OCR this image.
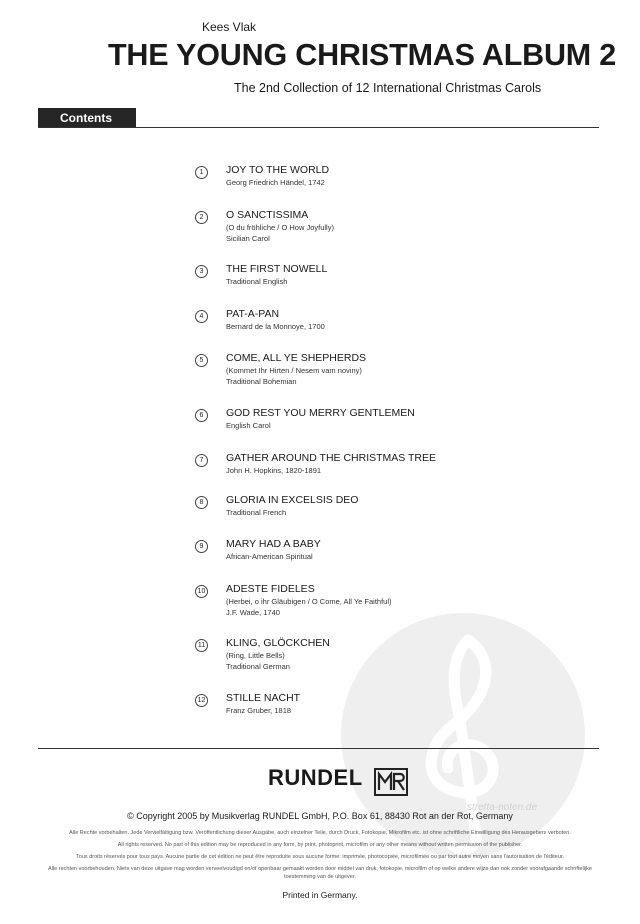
Kees Vlak
THE YOUNG CHRISTMAS ALBUM 2
The 2nd Collection of 12 International Christmas Carols
Contents
1	JOY TO THE WORLD
Georg Friedrich Händel, 1742
2	O SANCTISSIMA
(O du fröhliche / O How Joyfully)
Sicilian Carol
3	THE FIRST NOWELL
Traditional English
4	PAT-A-PAN
Bernard de la Monnoye, 1700
5	COME, ALL YE SHEPHERDS
(Kommet Ihr Hirten / Nesem vam noviny)
Traditional Bohemian
6	GOD REST YOU MERRY GENTLEMEN
English Carol
7	GATHER AROUND THE CHRISTMAS TREE
John H. Hopkins, 1820-1891
8	GLORIA IN EXCELSIS DEO
Traditional French
9	MARY HAD A BABY
African-American Spiritual
10 ADESTE FIDELES
(Herbei, o ihr Gläubigen / O Come, All Ye Faithful)
J.F. Wade, 1740
11 KLING, GLÖCKCHEN
(Ring, Little Bells)
Traditional German
12 STILLE NACHT
Franz Gruber, 1818
RUNDEL
© Copyright 2005 by Musikverlag RUNDEL GmbH, P.O. Box 61, 88430 Rot an der Rot, Germany
Alle Rechte vorbehalten. Jede Vervielfältigung bzw. Veröffentlichung dieser Ausgabe, auch einzelner Teile, durch Druck, Fotokopie, Mikrofilm etc. ist ohne schriftliche Einwilligung des Herausgebers verboten.
All rights reserved. No part of this edition may be reproduced in any form, by print, photoprint, microfilm or any other means without written permission of the publisher.
Tous droits réservés pour tous pays. Aucune partie de cet édition ne peut être reproduite sous aucune forme: imprimée, photocopiée, microfilmée ou par tout autre moyen sans l'autorisation de l'éditeur.
Alle rechten voorbehouden. Niets van deze uitgave mag worden verveelvoudigd en/of openbaar gemaakt worden door middel van druk, fotokopie, microfilm of op welke andere wijze dan ook zonder voorafgaande schriftelijke
toestemming van de uitgever.
Printed in Germany.
stretta-noten.de
